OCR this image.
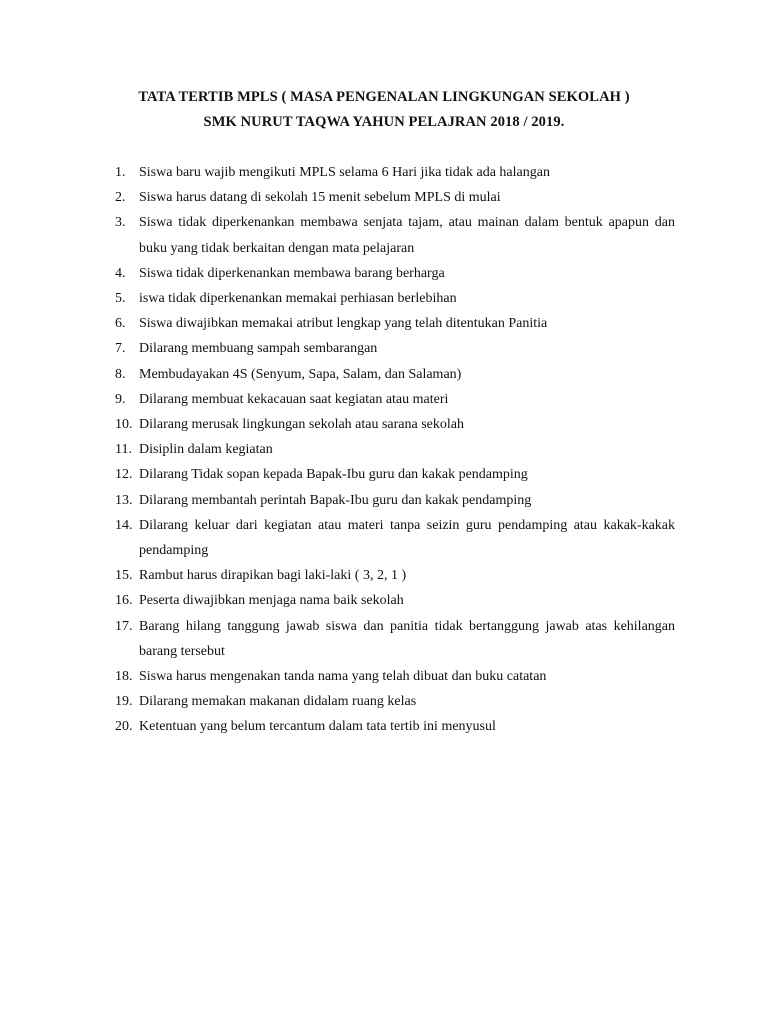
TATA TERTIB MPLS ( MASA PENGENALAN LINGKUNGAN SEKOLAH )
SMK NURUT TAQWA YAHUN PELAJRAN 2018 / 2019.
1. Siswa baru wajib mengikuti MPLS selama 6 Hari jika tidak ada halangan
2. Siswa harus datang di sekolah 15 menit sebelum MPLS di mulai
3. Siswa tidak diperkenankan membawa senjata tajam, atau mainan dalam bentuk apapun dan buku yang tidak berkaitan dengan mata pelajaran
4. Siswa tidak diperkenankan membawa barang berharga
5. iswa tidak diperkenankan memakai perhiasan berlebihan
6. Siswa diwajibkan memakai atribut lengkap yang telah ditentukan Panitia
7. Dilarang membuang sampah sembarangan
8. Membudayakan 4S (Senyum, Sapa, Salam, dan Salaman)
9. Dilarang membuat kekacauan saat kegiatan atau materi
10. Dilarang merusak lingkungan sekolah atau sarana sekolah
11. Disiplin dalam kegiatan
12. Dilarang Tidak sopan kepada Bapak-Ibu guru dan kakak pendamping
13. Dilarang membantah perintah Bapak-Ibu guru dan kakak pendamping
14. Dilarang keluar dari kegiatan atau materi tanpa seizin guru pendamping atau kakak-kakak pendamping
15. Rambut harus dirapikan bagi laki-laki ( 3, 2, 1 )
16. Peserta diwajibkan menjaga nama baik sekolah
17. Barang hilang tanggung jawab siswa dan panitia tidak bertanggung jawab atas kehilangan barang tersebut
18. Siswa harus mengenakan tanda nama yang telah dibuat dan buku catatan
19. Dilarang memakan makanan didalam ruang kelas
20. Ketentuan yang belum tercantum dalam tata tertib ini menyusul
